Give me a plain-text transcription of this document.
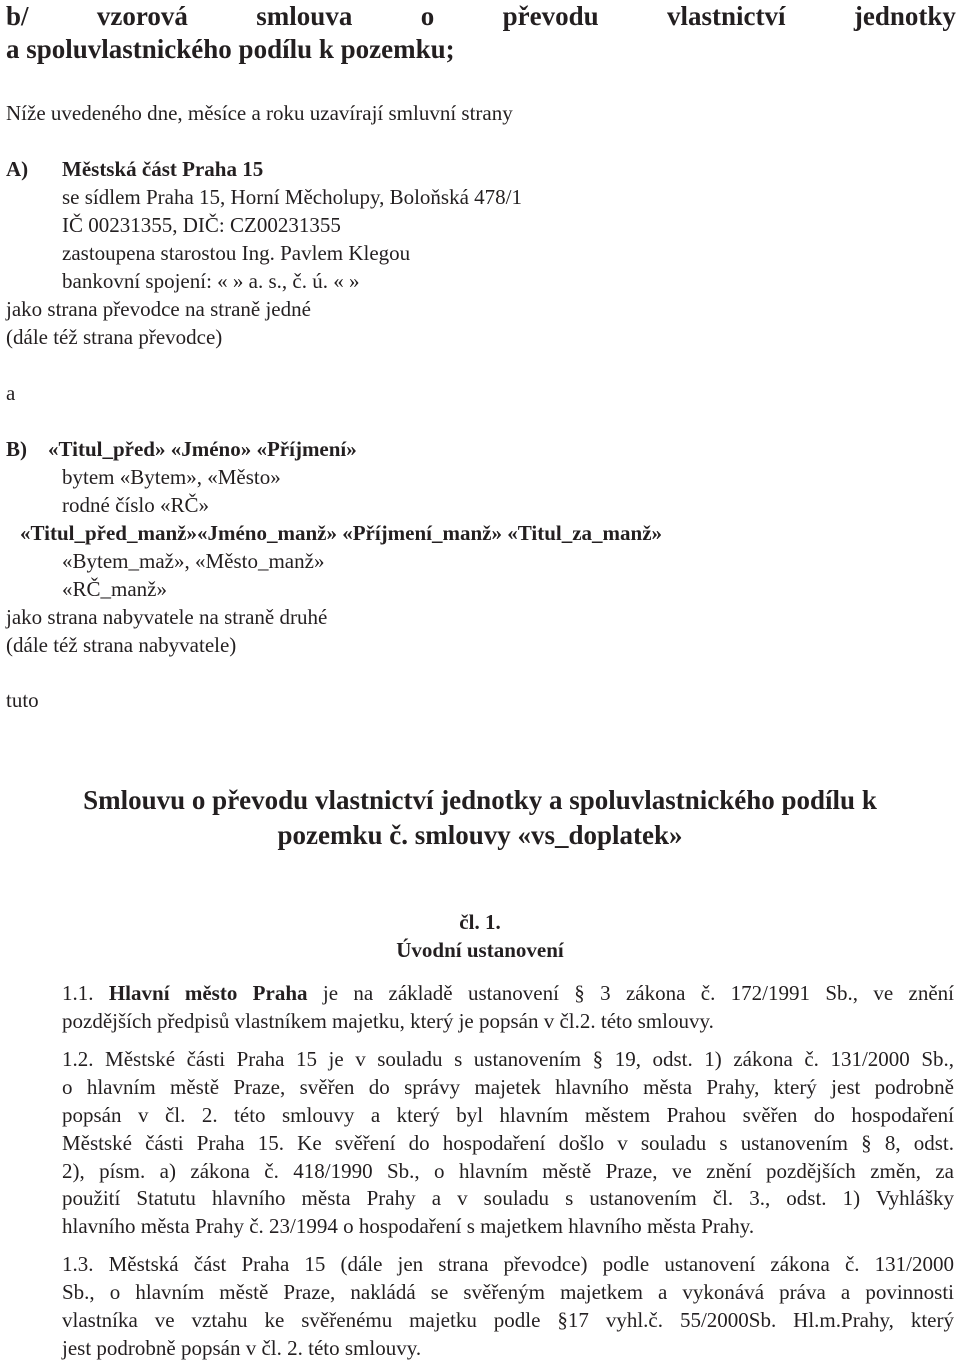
b/	vzorová	smlouva	o	převodu	vlastnictví	jednotky
a spoluvlastnického podílu k pozemku;
Níže uvedeného dne, měsíce a roku uzavírají smluvní strany
A) Městská část Praha 15
se sídlem Praha 15, Horní Měcholupy, Boloňská 478/1
IČ 00231355, DIČ: CZ00231355
zastoupena starostou Ing. Pavlem Klegou
bankovní spojení: « » a. s., č. ú. « »
jako strana převodce na straně jedné
(dále též strana převodce)
a
B) «Titul_před» «Jméno» «Příjmení»
bytem «Bytem», «Město»
rodné číslo «RČ»
«Titul_před_manž»«Jméno_manž» «Příjmení_manž» «Titul_za_manž»
«Bytem_maž», «Město_manž»
«RČ_manž»
jako strana nabyvatele na straně druhé
(dále též strana nabyvatele)
tuto
Smlouvu o převodu vlastnictví jednotky a spoluvlastnického podílu k
pozemku č. smlouvy «vs_doplatek»
čl. 1.
Úvodní ustanovení
1.1. Hlavní město Praha je na základě ustanovení § 3 zákona č. 172/1991 Sb., ve znění
pozdějších předpisů vlastníkem majetku, který je popsán v čl.2. této smlouvy.
1.2. Městské části Praha 15 je v souladu s ustanovením § 19, odst. 1) zákona č. 131/2000 Sb.,
o hlavním městě Praze, svěřen do správy majetek hlavního města Prahy, který jest podrobně
popsán v čl. 2. této smlouvy a který byl hlavním městem Prahou svěřen do hospodaření
Městské části Praha 15. Ke svěření do hospodaření došlo v souladu s ustanovením § 8, odst.
2), písm. a) zákona č. 418/1990 Sb., o hlavním městě Praze, ve znění pozdějších změn, za
použití Statutu hlavního města Prahy a v souladu s ustanovením čl. 3., odst. 1) Vyhlášky
hlavního města Prahy č. 23/1994 o hospodaření s majetkem hlavního města Prahy.
1.3. Městská část Praha 15 (dále jen strana převodce) podle ustanovení zákona č. 131/2000
Sb., o hlavním městě Praze, nakládá se svěřeným majetkem a vykonává práva a povinnosti
vlastníka ve vztahu ke svěřenému majetku podle §17 vyhl.č. 55/2000Sb. Hl.m.Prahy, který
jest podrobně popsán v čl. 2. této smlouvy.
